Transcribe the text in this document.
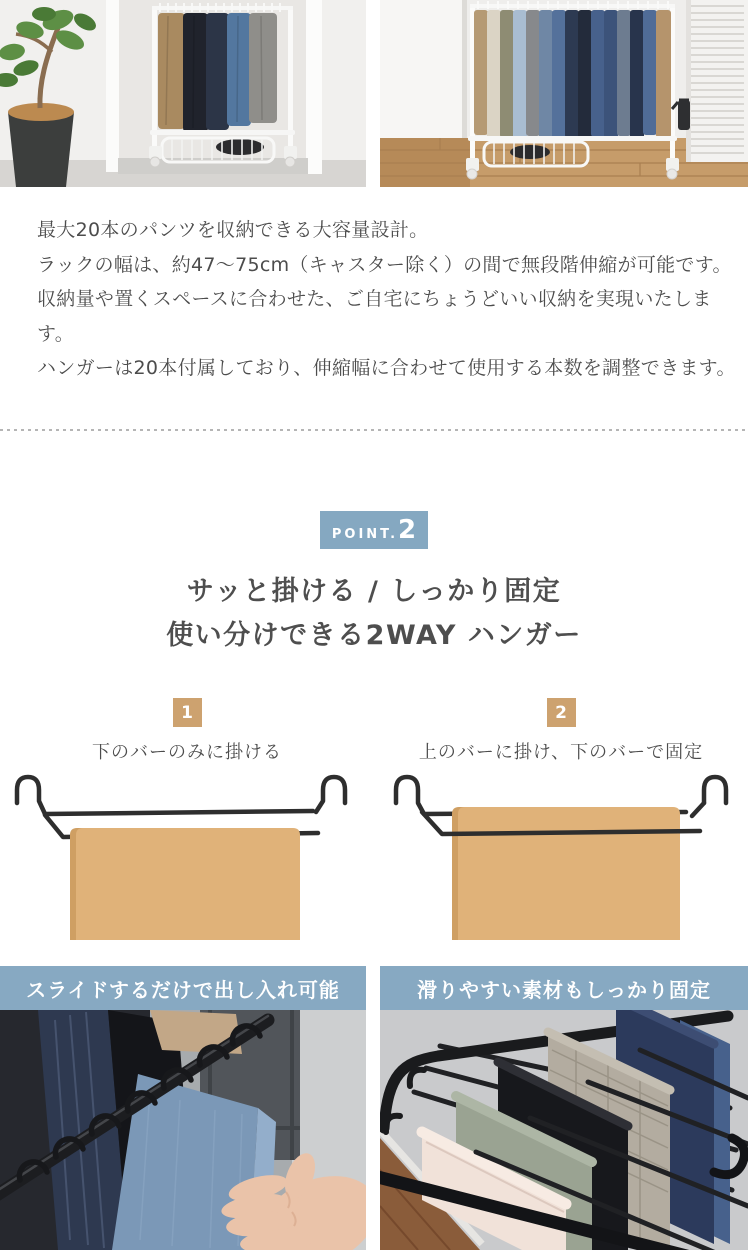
最大20本のパンツを収納できる大容量設計。

ラックの幅は、約47〜75cm（キャスター除く）の間で無段階伸縮が可能です。

収納量や置くスペースに合わせた、ご自宅にちょうどいい収納を実現いたします。

ハンガーは20本付属しており、伸縮幅に合わせて使用する本数を調整できます。

POINT. 2
サッと掛ける / しっかり固定
使い分けできる2WAY ハンガー
1
下のバーのみに掛ける
2
上のバーに掛け、下のバーで固定
スライドするだけで出し入れ可能	滑りやすい素材もしっかり固定
